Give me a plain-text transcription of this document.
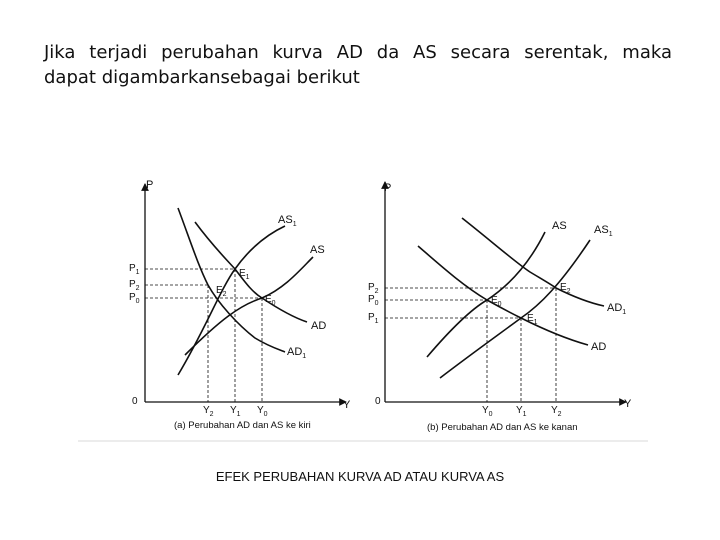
Jika terjadi perubahan kurva AD da AS secara serentak, maka
dapat digambarkansebagai berikut
P
Y
0
$AS_1$
AS
AD
$AD_1$
$E_1$
$E_2$	$E_0$
$P_1$
$P_2$
$P_0$
$Y_2$ $Y_1$ $Y_0$
(a) Perubahan AD dan AS ke kiri
P
Y
0
AS $AS_1$
$AD_1$
AD
$E_2$
$E_0$
$E_1$
$P_2$
$P_0$
$P_1$
$Y_0$ $Y_1$ $Y_2$
(b) Perubahan AD dan AS ke kanan
EFEK PERUBAHAN KURVA AD ATAU KURVA AS
